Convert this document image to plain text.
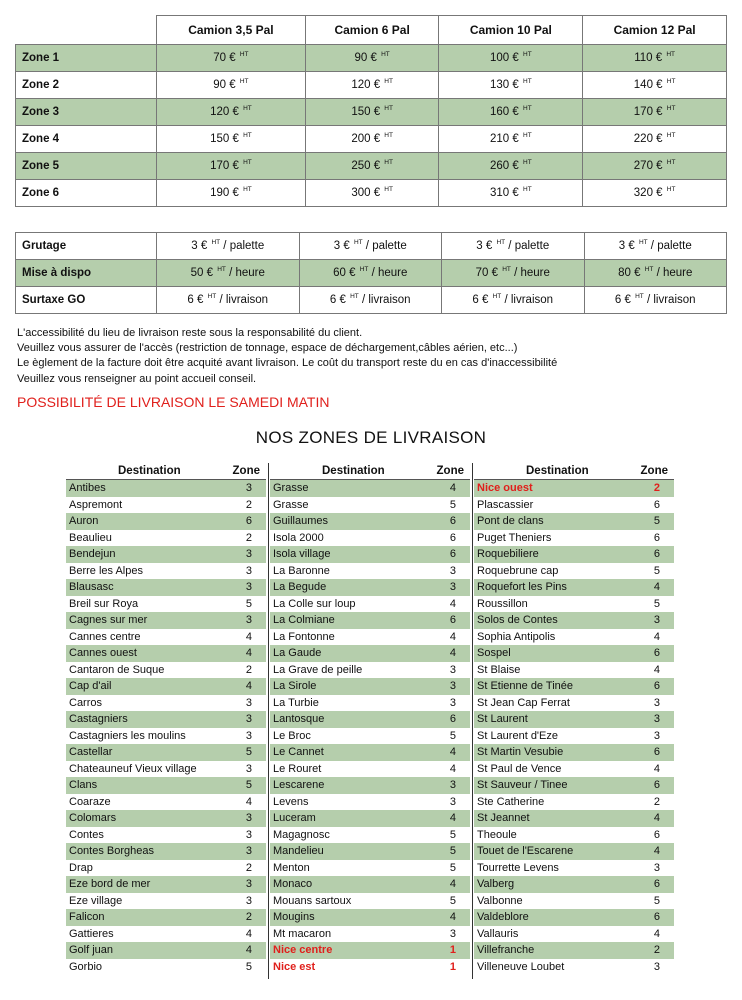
	Camion 3,5 Pal	Camion 6 Pal	Camion 10 Pal	Camion 12 Pal
Zone 1	70 € $^{HT}$	90 € $^{HT}$	100 € $^{HT}$	110 € $^{HT}$
Zone 2	90 € $^{HT}$	120 € $^{HT}$	130 € $^{HT}$	140 € $^{HT}$
Zone 3	120 € $^{HT}$	150 € $^{HT}$	160 € $^{HT}$	170 € $^{HT}$
Zone 4	150 € $^{HT}$	200 € $^{HT}$	210 € $^{HT}$	220 € $^{HT}$
Zone 5	170 € $^{HT}$	250 € $^{HT}$	260 € $^{HT}$	270 € $^{HT}$
Zone 6	190 € $^{HT}$	300 € $^{HT}$	310 € $^{HT}$	320 € $^{HT}$
Grutage	3 € $^{HT}$ / palette	3 € $^{HT}$ / palette	3 € $^{HT}$ / palette	3 € $^{HT}$ / palette
Mise à dispo	50 € $^{HT}$ / heure	60 € $^{HT}$ / heure	70 € $^{HT}$ / heure	80 € $^{HT}$ / heure
Surtaxe GO	6 € $^{HT}$ / livraison	6 € $^{HT}$ / livraison	6 € $^{HT}$ / livraison	6 € $^{HT}$ / livraison
L'accessibilité du lieu de livraison reste sous la responsabilité du client.
Veuillez vous assurer de l'accès (restriction de tonnage, espace de déchargement,câbles aérien, etc...)
Le èglement de la facture doit être acquité avant livraison. Le coût du transport reste du en cas d'inaccessibilité
Veuillez vous renseigner au point accueil conseil.
POSSIBILITÉ DE LIVRAISON LE SAMEDI MATIN
NOS ZONES DE LIVRAISON
Destination	Zone
Antibes	3
Aspremont	2
Auron	6
Beaulieu	2
Bendejun	3
Berre les Alpes	3
Blausasc	3
Breil sur Roya	5
Cagnes sur mer	3
Cannes centre	4
Cannes ouest	4
Cantaron de Suque	2
Cap d'ail	4
Carros	3
Castagniers	3
Castagniers les moulins	3
Castellar	5
Chateauneuf Vieux village	3
Clans	5
Coaraze	4
Colomars	3
Contes	3
Contes Borgheas	3
Drap	2
Eze bord de mer	3
Eze village	3
Falicon	2
Gattieres	4
Golf juan	4
Gorbio	5
Destination	Zone
Grasse	4
Grasse	5
Guillaumes	6
Isola 2000	6
Isola village	6
La Baronne	3
La Begude	3
La Colle sur loup	4
La Colmiane	6
La Fontonne	4
La Gaude	4
La Grave de peille	3
La Sirole	3
La Turbie	3
Lantosque	6
Le Broc	5
Le Cannet	4
Le Rouret	4
Lescarene	3
Levens	3
Luceram	4
Magagnosc	5
Mandelieu	5
Menton	5
Monaco	4
Mouans sartoux	5
Mougins	4
Mt macaron	3
Nice centre	1
Nice est	1
Destination	Zone
Nice ouest	2
Plascassier	6
Pont de clans	5
Puget Theniers	6
Roquebiliere	6
Roquebrune cap	5
Roquefort les Pins	4
Roussillon	5
Solos de Contes	3
Sophia Antipolis	4
Sospel	6
St Blaise	4
St Etienne de Tinée	6
St Jean Cap Ferrat	3
St Laurent	3
St Laurent d'Eze	3
St Martin Vesubie	6
St Paul de Vence	4
St Sauveur / Tinee	6
Ste Catherine	2
St Jeannet	4
Theoule	6
Touet de l'Escarene	4
Tourrette Levens	3
Valberg	6
Valbonne	5
Valdeblore	6
Vallauris	4
Villefranche	2
Villeneuve Loubet	3
